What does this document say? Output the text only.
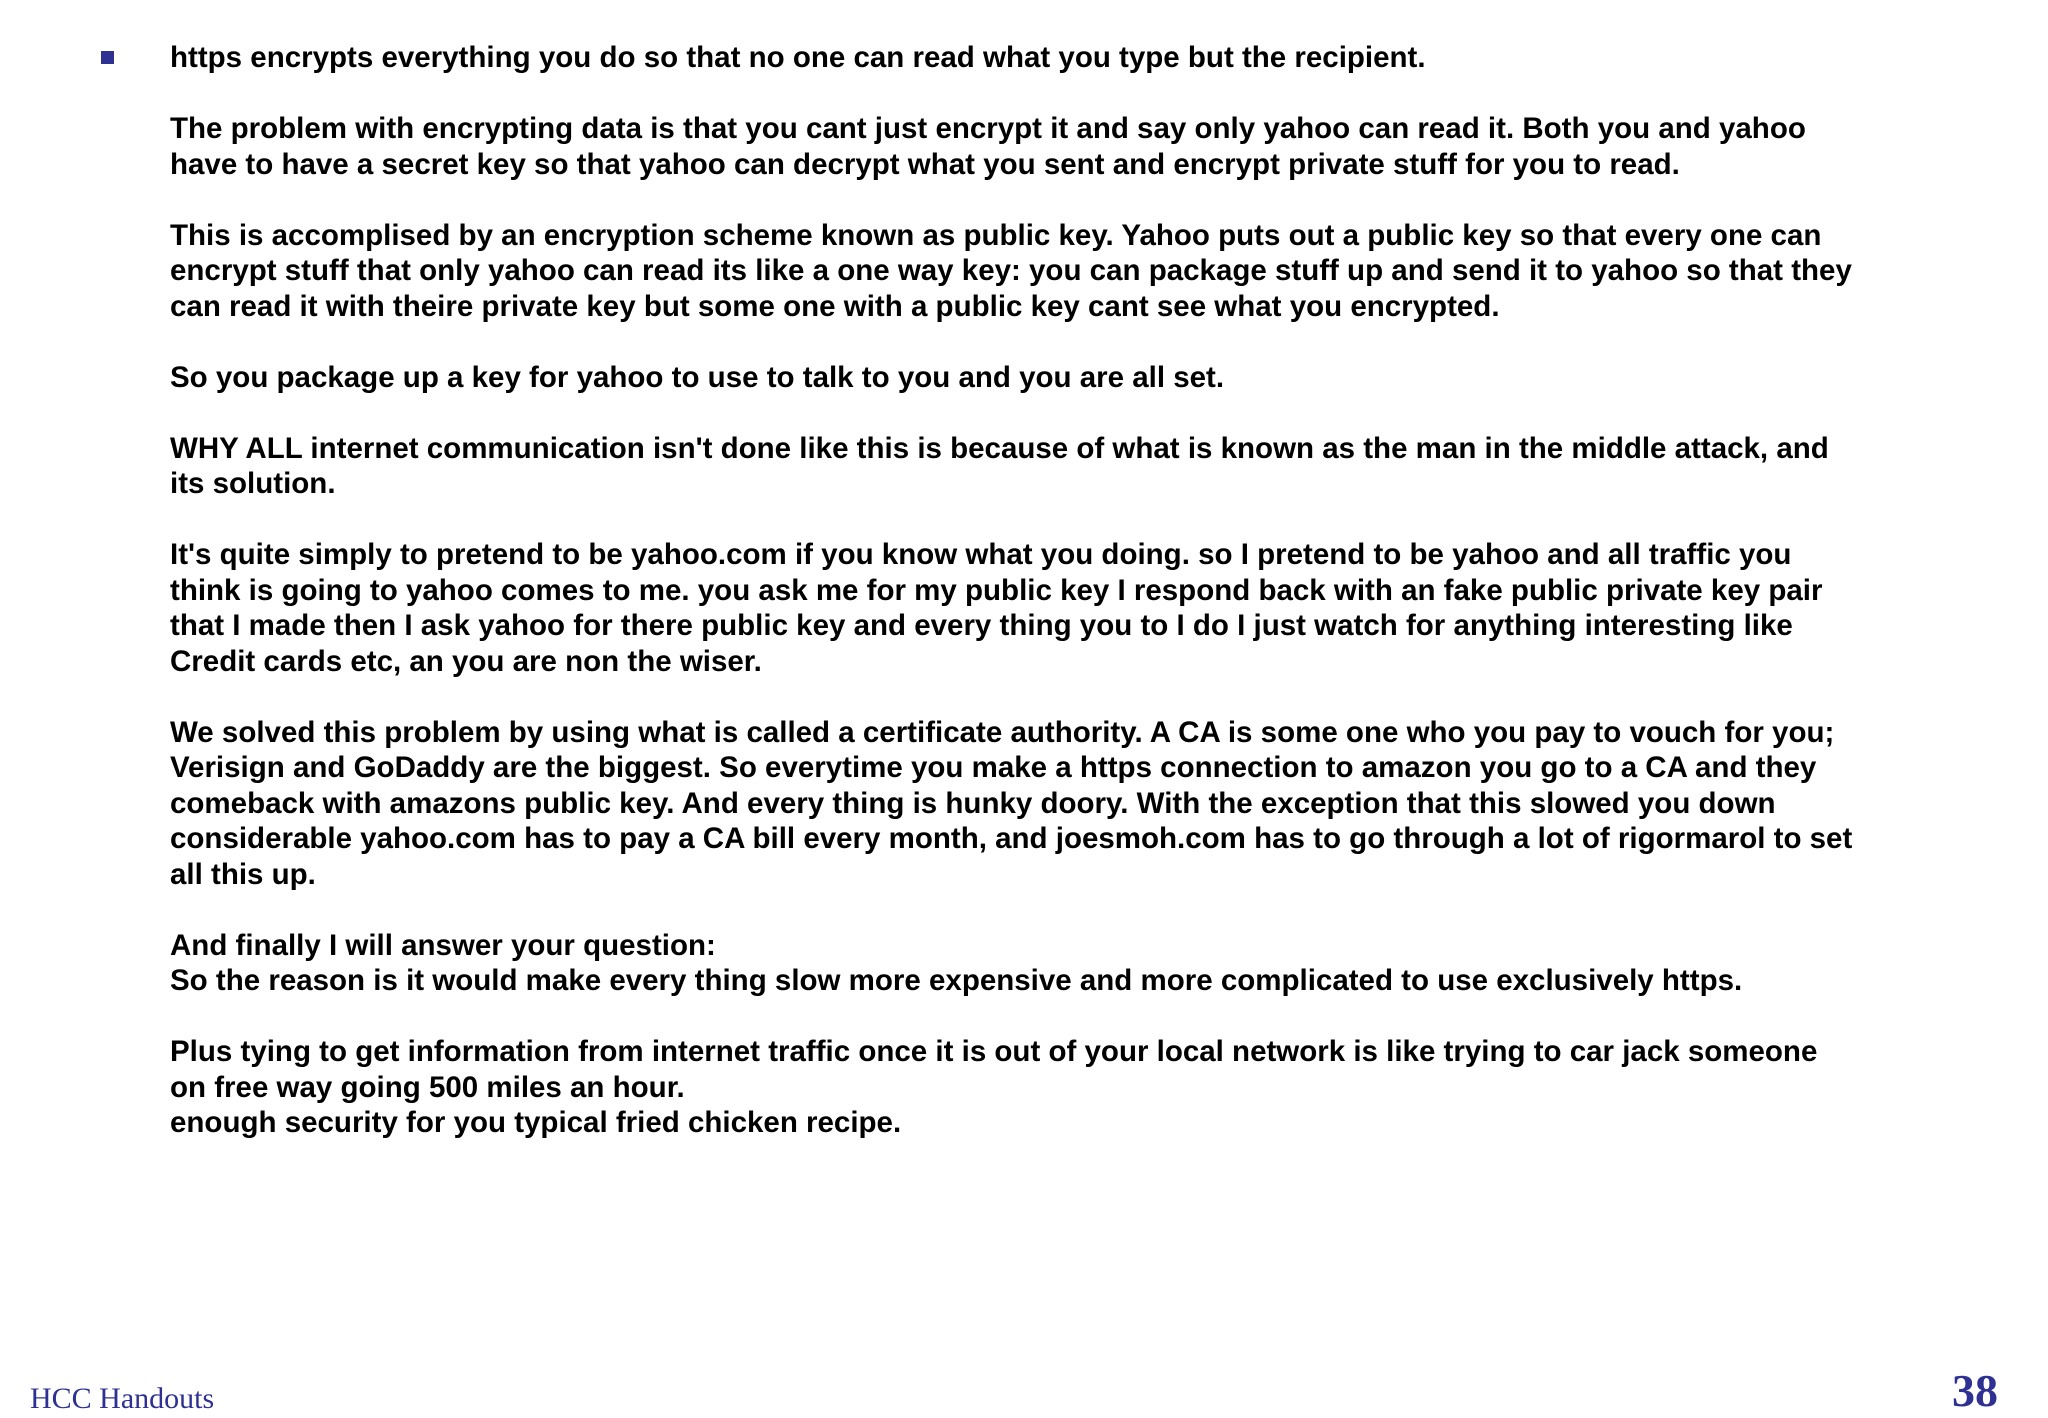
https encrypts everything you do so that no one can read what you type but the recipient.

The problem with encrypting data is that you cant just encrypt it and say only yahoo can read it. Both you and yahoo
have to have a secret key so that yahoo can decrypt what you sent and encrypt private stuff for you to read.

This is accomplised by an encryption scheme known as public key. Yahoo puts out a public key so that every one can
encrypt stuff that only yahoo can read its like a one way key: you can package stuff up and send it to yahoo so that they
can read it with theire private key but some one with a public key cant see what you encrypted.

So you package up a key for yahoo to use to talk to you and you are all set.

WHY ALL internet communication isn't done like this is because of what is known as the man in the middle attack, and
its solution.

It's quite simply to pretend to be yahoo.com if you know what you doing. so I pretend to be yahoo and all traffic you
think is going to yahoo comes to me. you ask me for my public key I respond back with an fake public private key pair
that I made then I ask yahoo for there public key and every thing you to I do I just watch for anything interesting like
Credit cards etc, an you are non the wiser.

We solved this problem by using what is called a certificate authority. A CA is some one who you pay to vouch for you;
Verisign and GoDaddy are the biggest. So everytime you make a https connection to amazon you go to a CA and they
comeback with amazons public key. And every thing is hunky doory. With the exception that this slowed you down
considerable yahoo.com has to pay a CA bill every month, and joesmoh.com has to go through a lot of rigormarol to set
all this up.

And finally I will answer your question:
So the reason is it would make every thing slow more expensive and more complicated to use exclusively https.

Plus tying to get information from internet traffic once it is out of your local network is like trying to car jack someone
on free way going 500 miles an hour.
enough security for you typical fried chicken recipe.

HCC Handouts	38
